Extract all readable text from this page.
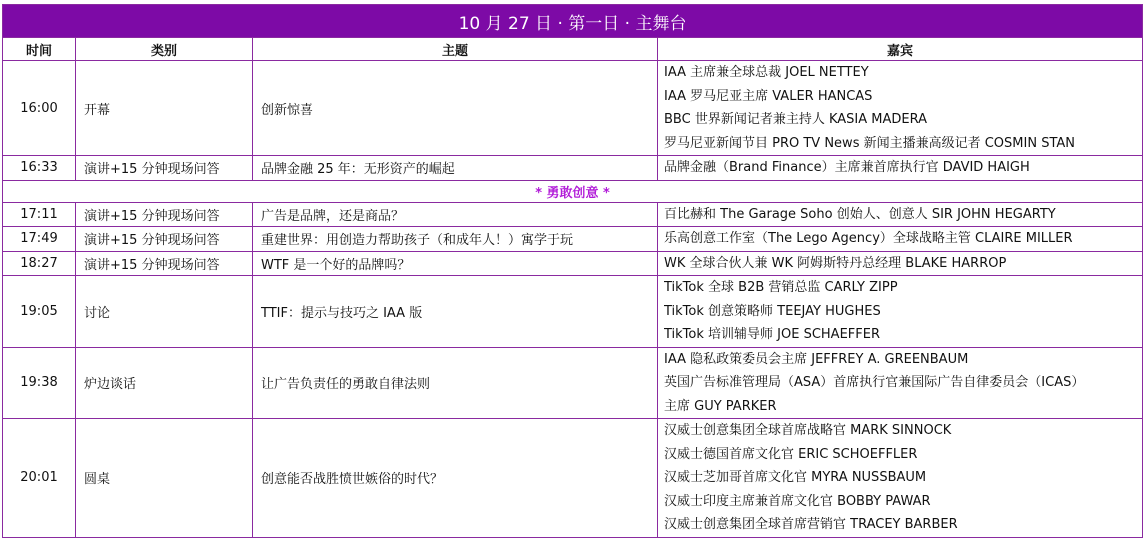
10 月 27 日 · 第一日 · 主舞台			
时间	类别	主题	嘉宾
16:00	开幕	创新惊喜	IAA 主席兼全球总裁 JOEL NETTEY
IAA 罗马尼亚主席 VALER HANCAS
BBC 世界新闻记者兼主持人 KASIA MADERA
罗马尼亚新闻节目 PRO TV News 新闻主播兼高级记者 COSMIN STAN

16:33	演讲+15 分钟现场问答	品牌金融 25 年：无形资产的崛起	品牌金融（Brand Finance）主席兼首席执行官 DAVID HAIGH

* 勇敢创意 *			
17:11	演讲+15 分钟现场问答	广告是品牌，还是商品？	百比赫和 The Garage Soho 创始人、创意人 SIR JOHN HEGARTY

17:49	演讲+15 分钟现场问答	重建世界：用创造力帮助孩子（和成年人！）寓学于玩	乐高创意工作室（The Lego Agency）全球战略主管 CLAIRE MILLER

18:27	演讲+15 分钟现场问答	WTF 是一个好的品牌吗？	WK 全球合伙人兼 WK 阿姆斯特丹总经理 BLAKE HARROP

19:05	讨论	TTIF：提示与技巧之 IAA 版	TikTok 全球 B2B 营销总监 CARLY ZIPP
TikTok 创意策略师 TEEJAY HUGHES
TikTok 培训辅导师 JOE SCHAEFFER

19:38	炉边谈话	让广告负责任的勇敢自律法则	IAA 隐私政策委员会主席 JEFFREY A. GREENBAUM
英国广告标准管理局（ASA）首席执行官兼国际广告自律委员会（ICAS）
主席 GUY PARKER

20:01	圆桌	创意能否战胜愤世嫉俗的时代？	汉威士创意集团全球首席战略官 MARK SINNOCK
汉威士德国首席文化官 ERIC SCHOEFFLER
汉威士芝加哥首席文化官 MYRA NUSSBAUM
汉威士印度主席兼首席文化官 BOBBY PAWAR
汉威士创意集团全球首席营销官 TRACEY BARBER
